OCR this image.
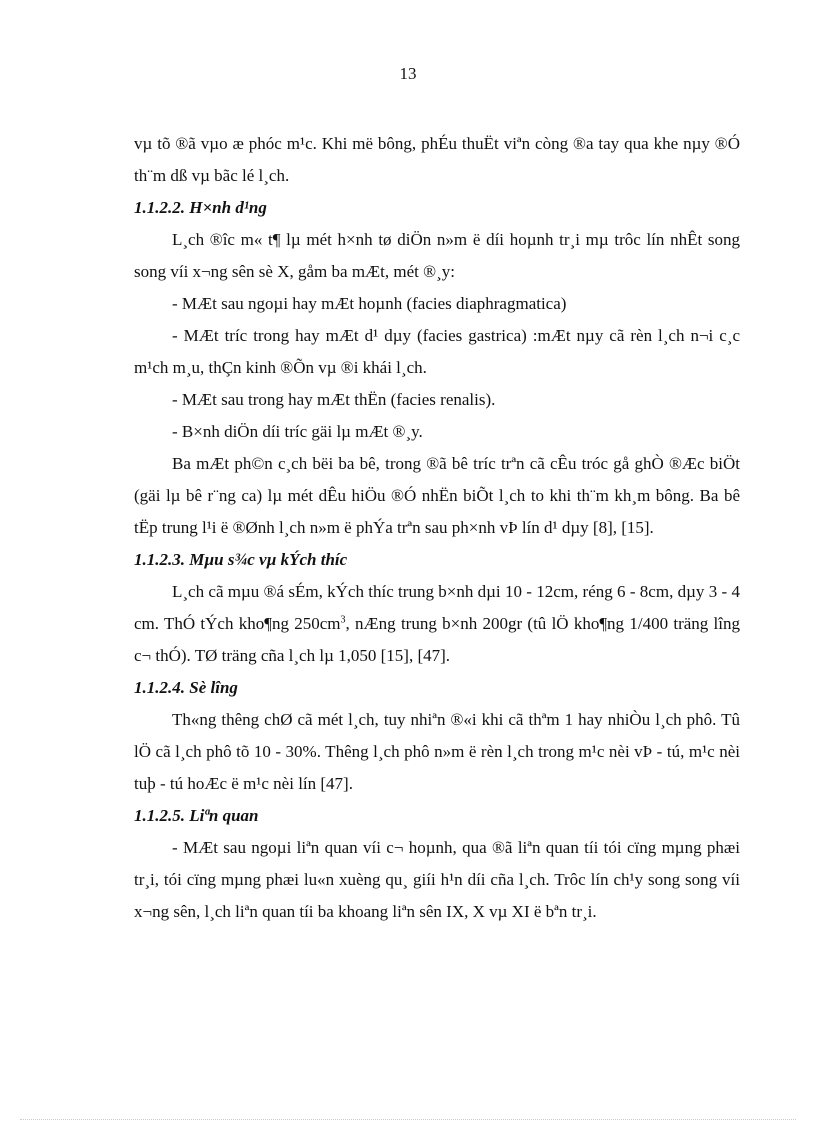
13

vµ tõ ®ã vµo æ phóc m¹c. Khi më bông, phÉu thuËt viªn còng ®a tay qua khe nµy ®Ó th¨m dß vµ bãc lé l¸ch.

1.1.2.2. H×nh d¹ng

L¸ch ®îc m« t¶ lµ mét h×nh tø diÖn n»m ë díi hoµnh tr¸i mµ trôc lín nhÊt song song víi x¬ng sên sè X, gåm ba mÆt, mét ®¸y:

- MÆt sau ngoµi hay mÆt hoµnh (facies diaphragmatica)

- MÆt tríc trong hay mÆt d¹ dµy (facies gastrica) :mÆt nµy cã rèn l¸ch n¬i c¸c m¹ch m¸u, thÇn kinh ®Õn vµ ®i khái l¸ch.

- MÆt sau trong hay mÆt thËn (facies renalis).

- B×nh diÖn díi tríc gäi lµ mÆt ®¸y.

Ba mÆt ph©n c¸ch bëi ba bê, trong ®ã bê tríc trªn cã cÊu tróc gå ghÒ ®Æc biÖt (gäi lµ bê r¨ng ca) lµ mét dÊu hiÖu ®Ó nhËn biÕt l¸ch to khi th¨m kh¸m bông. Ba bê tËp trung l¹i ë ®Ønh l¸ch n»m ë phÝa trªn sau ph×nh vÞ lín d¹ dµy [8], [15].

1.1.2.3. Mµu s¾c vµ kÝch thíc

L¸ch cã mµu ®á sÉm, kÝch thíc trung b×nh dµi 10 - 12cm, réng 6 - 8cm, dµy 3 - 4 cm. ThÓ tÝch kho¶ng $250cm^3$, nÆng trung b×nh 200gr (tû lÖ kho¶ng 1/400 träng lîng c¬ thÓ). TØ träng cña l¸ch lµ 1,050 [15], [47].

1.1.2.4. Sè lîng

Th«ng thêng chØ cã mét l¸ch, tuy nhiªn ®«i khi cã thªm 1 hay nhiÒu l¸ch phô. Tû lÖ cã l¸ch phô tõ 10 - 30%. Thêng l¸ch phô n»m ë rèn l¸ch trong m¹c nèi vÞ - tú, m¹c nèi tuþ - tú hoÆc ë m¹c nèi lín [47].

1.1.2.5. Liªn quan

- MÆt sau ngoµi liªn quan víi c¬ hoµnh, qua ®ã liªn quan tíi tói cïng mµng phæi tr¸i, tói cïng mµng phæi lu«n xuèng qu¸ giíi h¹n díi cña l¸ch. Trôc lín ch¹y song song víi x¬ng sên, l¸ch liªn quan tíi ba khoang liªn sên IX, X vµ XI ë bªn tr¸i.
